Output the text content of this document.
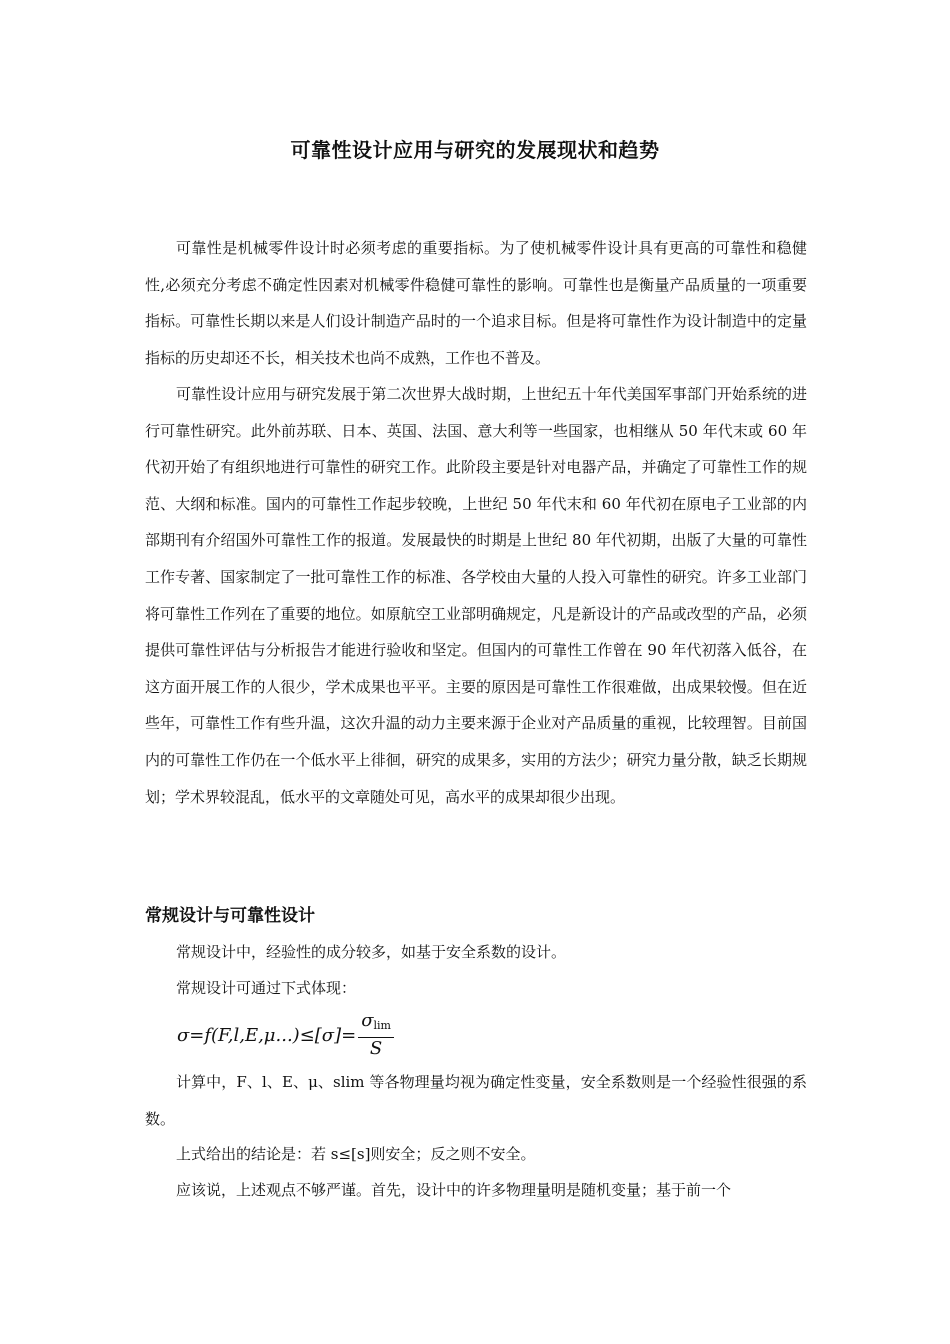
可靠性设计应用与研究的发展现状和趋势

可靠性是机械零件设计时必须考虑的重要指标。为了使机械零件设计具有更高的可靠性和稳健性,必须充分考虑不确定性因素对机械零件稳健可靠性的影响。可靠性也是衡量产品质量的一项重要指标。可靠性长期以来是人们设计制造产品时的一个追求目标。但是将可靠性作为设计制造中的定量指标的历史却还不长，相关技术也尚不成熟，工作也不普及。

可靠性设计应用与研究发展于第二次世界大战时期，上世纪五十年代美国军事部门开始系统的进行可靠性研究。此外前苏联、日本、英国、法国、意大利等一些国家，也相继从 50 年代末或 60 年代初开始了有组织地进行可靠性的研究工作。此阶段主要是针对电器产品，并确定了可靠性工作的规范、大纲和标准。国内的可靠性工作起步较晚，上世纪 50 年代末和 60 年代初在原电子工业部的内部期刊有介绍国外可靠性工作的报道。发展最快的时期是上世纪 80 年代初期，出版了大量的可靠性工作专著、国家制定了一批可靠性工作的标准、各学校由大量的人投入可靠性的研究。许多工业部门将可靠性工作列在了重要的地位。如原航空工业部明确规定，凡是新设计的产品或改型的产品，必须提供可靠性评估与分析报告才能进行验收和坚定。但国内的可靠性工作曾在 90 年代初落入低谷，在这方面开展工作的人很少，学术成果也平平。主要的原因是可靠性工作很难做，出成果较慢。但在近些年，可靠性工作有些升温，这次升温的动力主要来源于企业对产品质量的重视，比较理智。目前国内的可靠性工作仍在一个低水平上徘徊，研究的成果多，实用的方法少；研究力量分散，缺乏长期规划；学术界较混乱，低水平的文章随处可见，高水平的成果却很少出现。

常规设计与可靠性设计

常规设计中，经验性的成分较多，如基于安全系数的设计。

常规设计可通过下式体现：

$\sigma=f(F,l,E,\mu...)\le[\sigma]= \frac{\sigma_{lim}}{S}$

计算中，F、l、E、μ、slim 等各物理量均视为确定性变量，安全系数则是一个经验性很强的系数。

上式给出的结论是：若 s≤[s]则安全；反之则不安全。

应该说，上述观点不够严谨。首先，设计中的许多物理量明是随机变量；基于前一个
